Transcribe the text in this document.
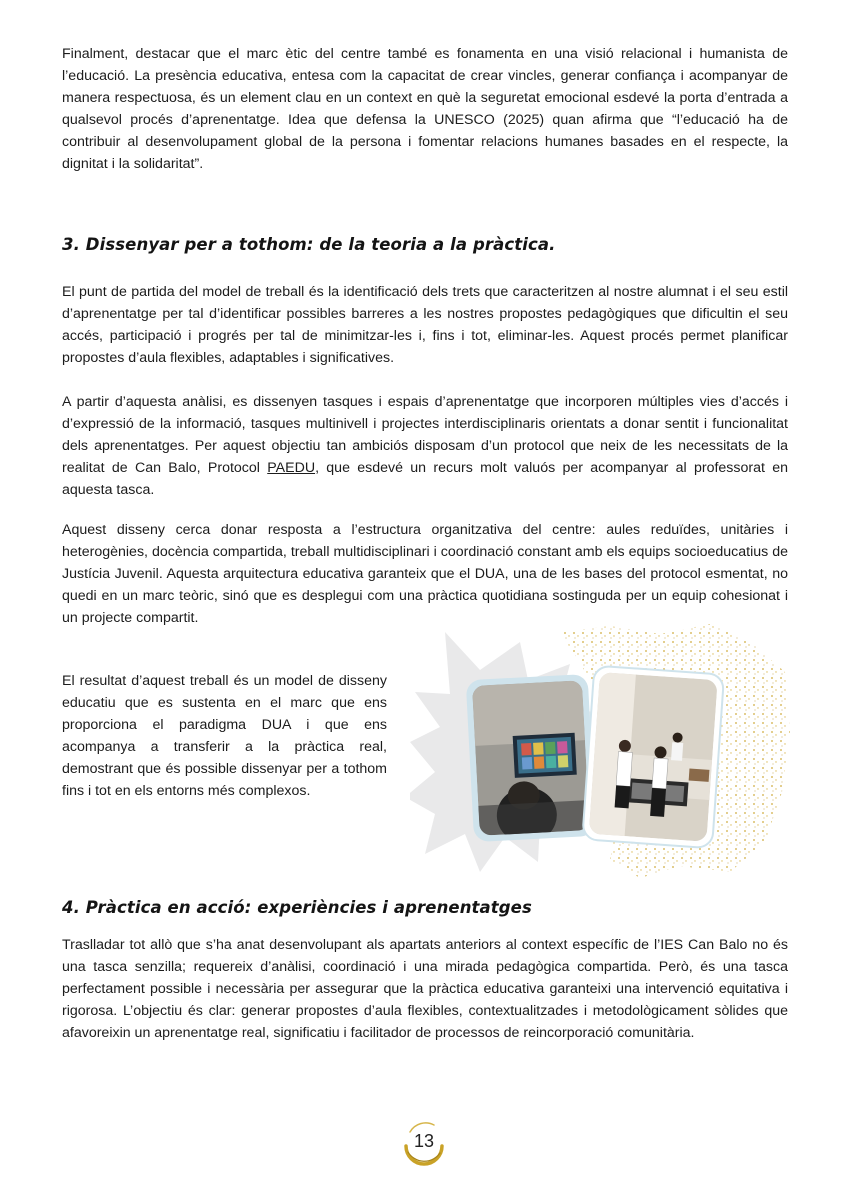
Finalment, destacar que el marc ètic del centre també es fonamenta en una visió relacional i humanista de l’educació. La presència educativa, entesa com la capacitat de crear vincles, generar confiança i acompanyar de manera respectuosa, és un element clau en un context en què la seguretat emocional esdevé la porta d’entrada a qualsevol procés d’aprenentatge. Idea que defensa la UNESCO (2025) quan afirma que “l’educació ha de contribuir al desenvolupament global de la persona i fomentar relacions humanes basades en el respecte, la dignitat i la solidaritat”.

3. Dissenyar per a tothom: de la teoria a la pràctica.

El punt de partida del model de treball és la identificació dels trets que caracteritzen al nostre alumnat i el seu estil d’aprenentatge per tal d’identificar possibles barreres a les nostres propostes pedagògiques que dificultin el seu accés, participació i progrés per tal de minimitzar-les i, fins i tot, eliminar-les. Aquest procés permet planificar propostes d’aula flexibles, adaptables i significatives.

A partir d’aquesta anàlisi, es dissenyen tasques i espais d’aprenentatge que incorporen múltiples vies d’accés i d’expressió de la informació, tasques multinivell i projectes interdisciplinaris orientats a donar sentit i funcionalitat dels aprenentatges. Per aquest objectiu tan ambiciós disposam d’un protocol que neix de les necessitats de la realitat de Can Balo, Protocol PAEDU, que esdevé un recurs molt valuós per acompanyar al professorat en aquesta tasca.

Aquest disseny cerca donar resposta a l’estructura organitzativa del centre: aules reduïdes, unitàries i heterogènies, docència compartida, treball multidisciplinari i coordinació constant amb els equips socioeducatius de Justícia Juvenil. Aquesta arquitectura educativa garanteix que el DUA, una de les bases del protocol esmentat, no quedi en un marc teòric, sinó que es desplegui com una pràctica quotidiana sostinguda per un equip cohesionat i un projecte compartit.

El resultat d’aquest treball és un model de disseny educatiu que es sustenta en el marc que ens proporciona el paradigma DUA i que ens acompanya a transferir a la pràctica real, demostrant que és possible dissenyar per a tothom fins i tot en els entorns més complexos.

4. Pràctica en acció: experiències i aprenentatges

Traslladar tot allò que s’ha anat desenvolupant als apartats anteriors al context específic de l’IES Can Balo no és una tasca senzilla; requereix d’anàlisi, coordinació i una mirada pedagògica compartida. Però, és una tasca perfectament possible i necessària per assegurar que la pràctica educativa garanteixi una intervenció equitativa i rigorosa. L’objectiu és clar: generar propostes d’aula flexibles, contextualitzades i metodològicament sòlides que afavoreixin un aprenentatge real, significatiu i facilitador de processos de reincorporació comunitària.

13
